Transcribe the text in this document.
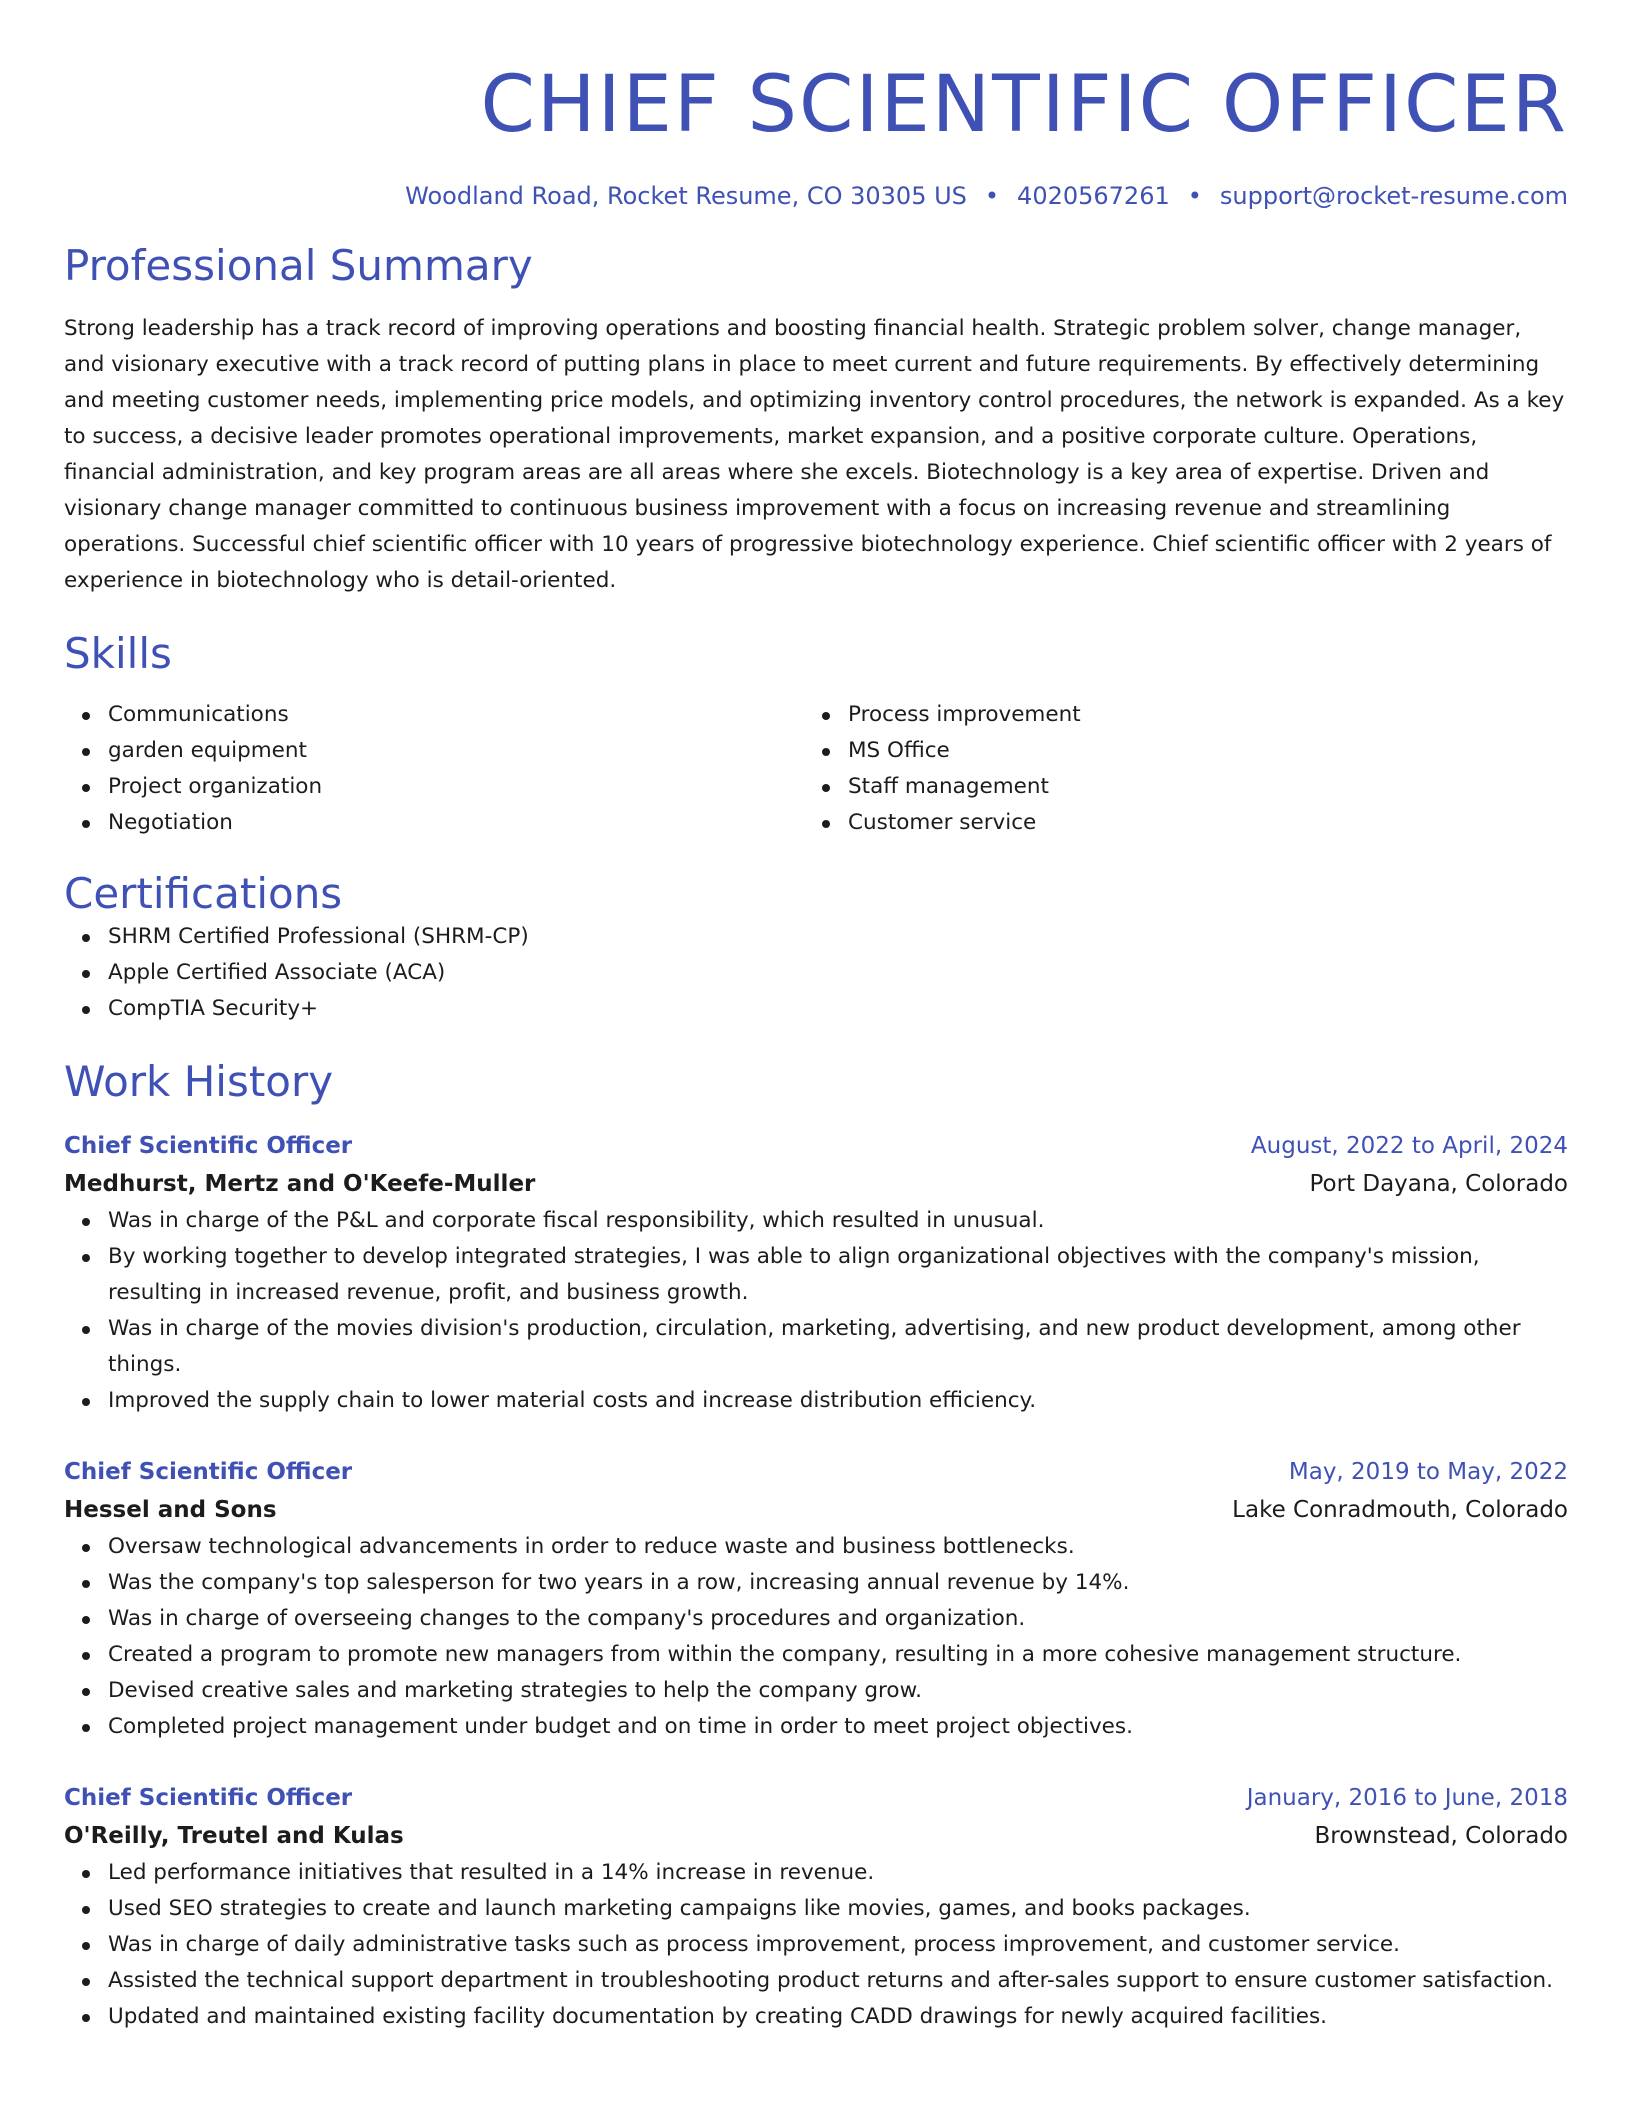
CHIEF SCIENTIFIC OFFICER
Woodland Road, Rocket Resume, CO 30305 US • 4020567261 • support@rocket-resume.com
Professional Summary
Strong leadership has a track record of improving operations and boosting financial health. Strategic problem solver, change manager, and visionary executive with a track record of putting plans in place to meet current and future requirements. By effectively determining and meeting customer needs, implementing price models, and optimizing inventory control procedures, the network is expanded. As a key to success, a decisive leader promotes operational improvements, market expansion, and a positive corporate culture. Operations, financial administration, and key program areas are all areas where she excels. Biotechnology is a key area of expertise. Driven and visionary change manager committed to continuous business improvement with a focus on increasing revenue and streamlining operations. Successful chief scientific officer with 10 years of progressive biotechnology experience. Chief scientific officer with 2 years of experience in biotechnology who is detail-oriented.
Skills
Communications
garden equipment
Project organization
Negotiation
Process improvement
MS Office
Staff management
Customer service
Certifications
SHRM Certified Professional (SHRM-CP)
Apple Certified Associate (ACA)
CompTIA Security+
Work History
Chief Scientific Officer	August, 2022 to April, 2024
Medhurst, Mertz and O'Keefe-Muller	Port Dayana, Colorado
Was in charge of the P&L and corporate fiscal responsibility, which resulted in unusual.
By working together to develop integrated strategies, I was able to align organizational objectives with the company's mission, resulting in increased revenue, profit, and business growth.
Was in charge of the movies division's production, circulation, marketing, advertising, and new product development, among other things.
Improved the supply chain to lower material costs and increase distribution efficiency.
Chief Scientific Officer	May, 2019 to May, 2022
Hessel and Sons	Lake Conradmouth, Colorado
Oversaw technological advancements in order to reduce waste and business bottlenecks.
Was the company's top salesperson for two years in a row, increasing annual revenue by 14%.
Was in charge of overseeing changes to the company's procedures and organization.
Created a program to promote new managers from within the company, resulting in a more cohesive management structure.
Devised creative sales and marketing strategies to help the company grow.
Completed project management under budget and on time in order to meet project objectives.
Chief Scientific Officer	January, 2016 to June, 2018
O'Reilly, Treutel and Kulas	Brownstead, Colorado
Led performance initiatives that resulted in a 14% increase in revenue.
Used SEO strategies to create and launch marketing campaigns like movies, games, and books packages.
Was in charge of daily administrative tasks such as process improvement, process improvement, and customer service.
Assisted the technical support department in troubleshooting product returns and after-sales support to ensure customer satisfaction.
Updated and maintained existing facility documentation by creating CADD drawings for newly acquired facilities.
